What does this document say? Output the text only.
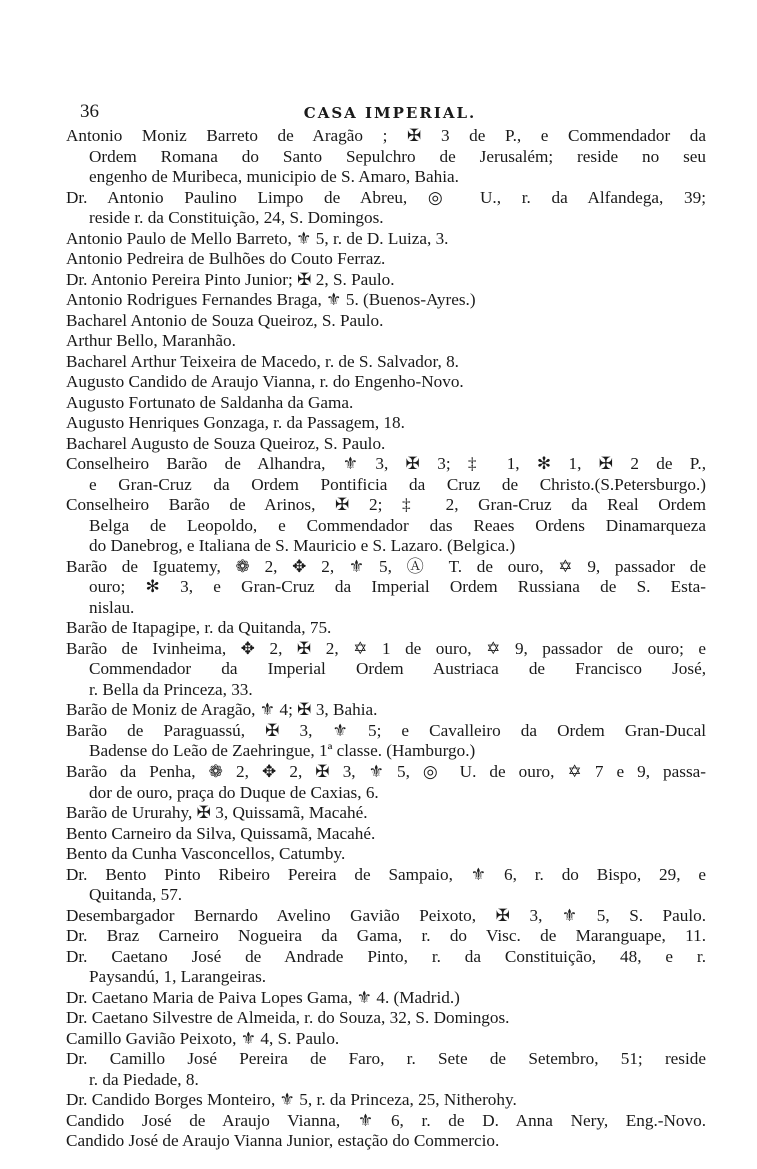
36	CASA IMPERIAL.
Antonio Moniz Barreto de Aragão ; ✠ 3 de P., e Commendador da
Ordem Romana do Santo Sepulchro de Jerusalém; reside no seu
engenho de Muribeca, municipio de S. Amaro, Bahia.
Dr. Antonio Paulino Limpo de Abreu, ◎ U., r. da Alfandega, 39;
reside r. da Constituição, 24, S. Domingos.
Antonio Paulo de Mello Barreto, ⚜ 5, r. de D. Luiza, 3.
Antonio Pedreira de Bulhões do Couto Ferraz.
Dr. Antonio Pereira Pinto Junior; ✠ 2, S. Paulo.
Antonio Rodrigues Fernandes Braga, ⚜ 5. (Buenos-Ayres.)
Bacharel Antonio de Souza Queiroz, S. Paulo.
Arthur Bello, Maranhão.
Bacharel Arthur Teixeira de Macedo, r. de S. Salvador, 8.
Augusto Candido de Araujo Vianna, r. do Engenho-Novo.
Augusto Fortunato de Saldanha da Gama.
Augusto Henriques Gonzaga, r. da Passagem, 18.
Bacharel Augusto de Souza Queiroz, S. Paulo.
Conselheiro Barão de Alhandra, ⚜ 3, ✠ 3; ‡ 1, ✻ 1, ✠ 2 de P.,
e Gran-Cruz da Ordem Pontificia da Cruz de Christo.(S.Petersburgo.)
Conselheiro Barão de Arinos, ✠ 2; ‡ 2, Gran-Cruz da Real Ordem
Belga de Leopoldo, e Commendador das Reaes Ordens Dinamarqueza
do Danebrog, e Italiana de S. Mauricio e S. Lazaro. (Belgica.)
Barão de Iguatemy, ❁ 2, ✥ 2, ⚜ 5, Ⓐ T. de ouro, ✡ 9, passador de
ouro; ✻ 3, e Gran-Cruz da Imperial Ordem Russiana de S. Esta-
nislau.
Barão de Itapagipe, r. da Quitanda, 75.
Barão de Ivinheima, ✥ 2, ✠ 2, ✡ 1 de ouro, ✡ 9, passador de ouro; e
Commendador da Imperial Ordem Austriaca de Francisco José,
r. Bella da Princeza, 33.
Barão de Moniz de Aragão, ⚜ 4; ✠ 3, Bahia.
Barão de Paraguassú, ✠ 3, ⚜ 5; e Cavalleiro da Ordem Gran-Ducal
Badense do Leão de Zaehringue, 1ª classe. (Hamburgo.)
Barão da Penha, ❁ 2, ✥ 2, ✠ 3, ⚜ 5, ◎ U. de ouro, ✡ 7 e 9, passa-
dor de ouro, praça do Duque de Caxias, 6.
Barão de Ururahy, ✠ 3, Quissamã, Macahé.
Bento Carneiro da Silva, Quissamã, Macahé.
Bento da Cunha Vasconcellos, Catumby.
Dr. Bento Pinto Ribeiro Pereira de Sampaio, ⚜ 6, r. do Bispo, 29, e
Quitanda, 57.
Desembargador Bernardo Avelino Gavião Peixoto, ✠ 3, ⚜ 5, S. Paulo.
Dr. Braz Carneiro Nogueira da Gama, r. do Visc. de Maranguape, 11.
Dr. Caetano José de Andrade Pinto, r. da Constituição, 48, e r.
Paysandú, 1, Larangeiras.
Dr. Caetano Maria de Paiva Lopes Gama, ⚜ 4. (Madrid.)
Dr. Caetano Silvestre de Almeida, r. do Souza, 32, S. Domingos.
Camillo Gavião Peixoto, ⚜ 4, S. Paulo.
Dr. Camillo José Pereira de Faro, r. Sete de Setembro, 51; reside
r. da Piedade, 8.
Dr. Candido Borges Monteiro, ⚜ 5, r. da Princeza, 25, Nitherohy.
Candido José de Araujo Vianna, ⚜ 6, r. de D. Anna Nery, Eng.-Novo.
Candido José de Araujo Vianna Junior, estação do Commercio.
